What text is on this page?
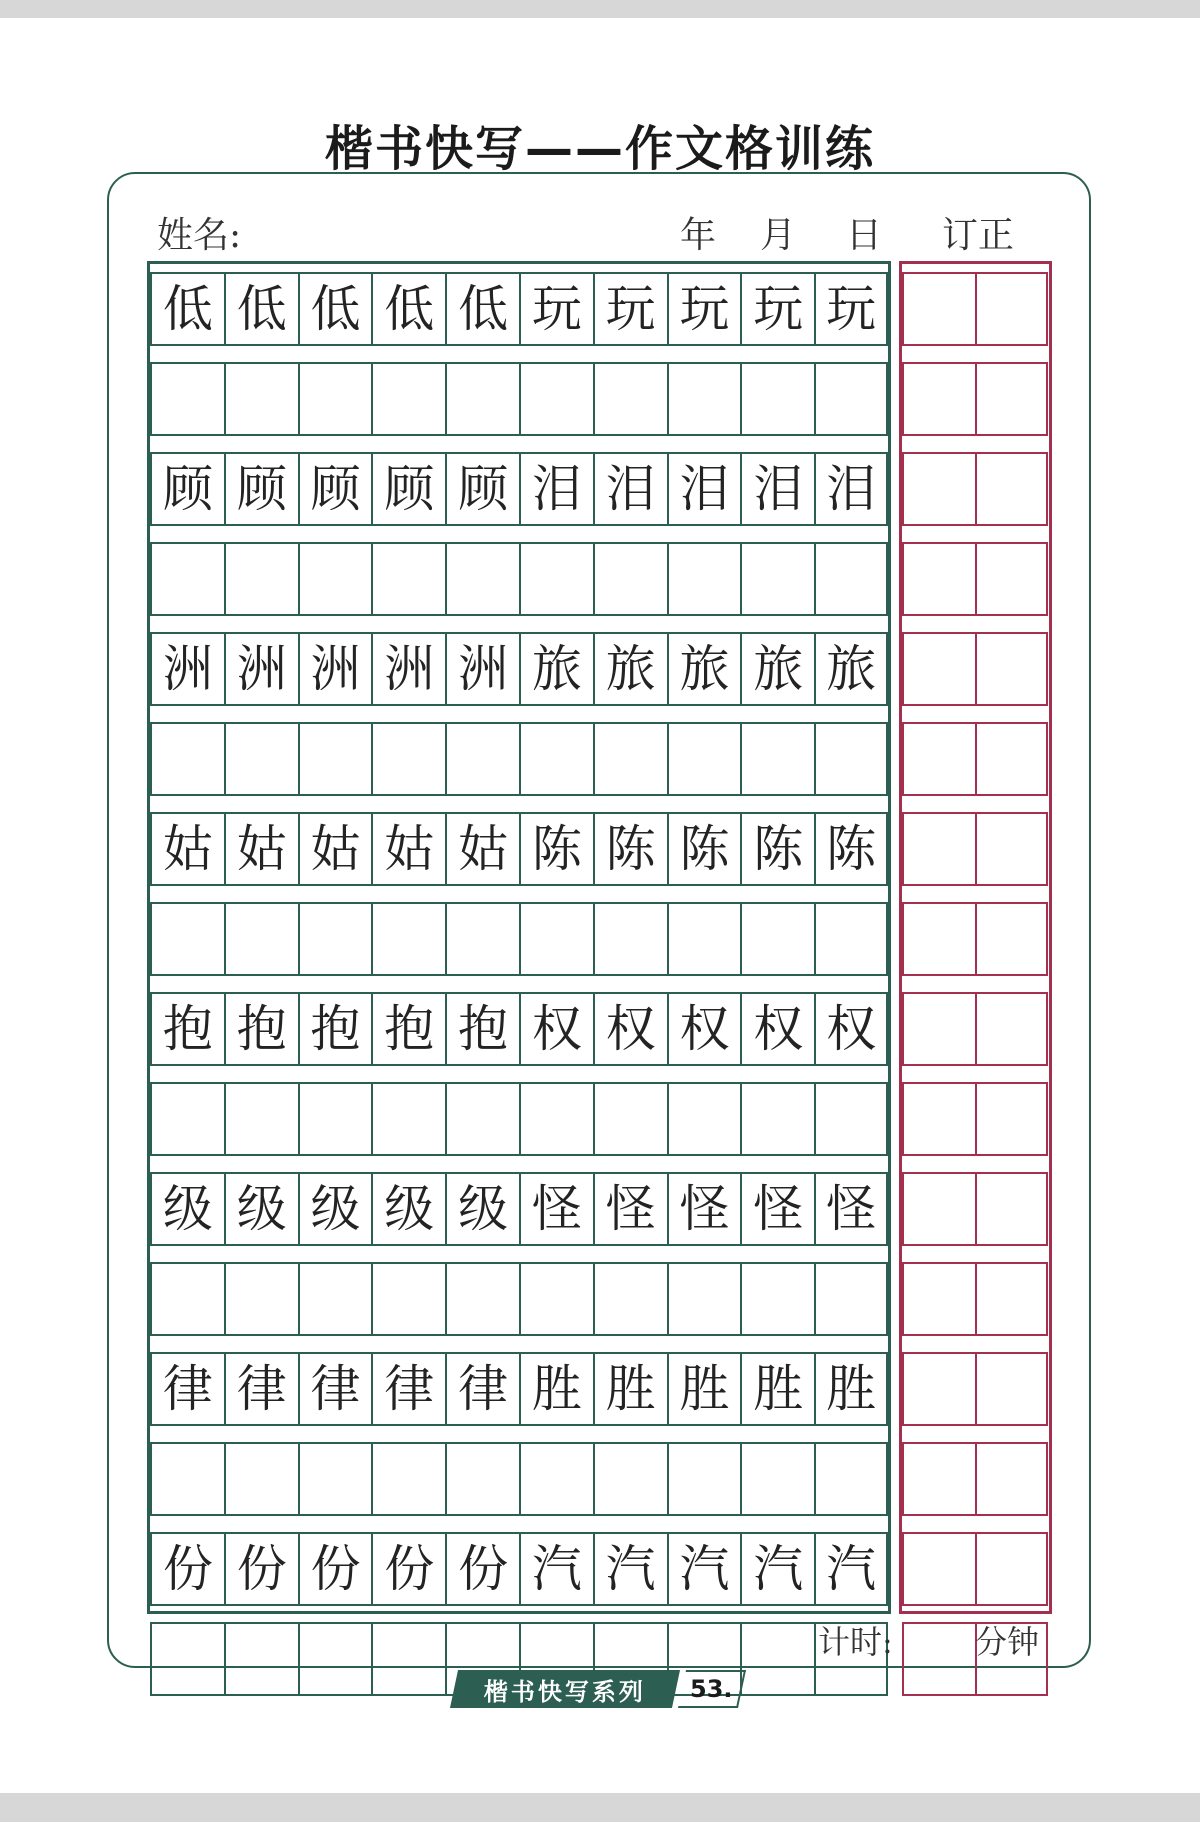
楷书快写——作文格训练
姓名:	年 月 日 订正
低 低 低 低 低 玩 玩 玩 玩 玩
顾 顾 顾 顾 顾 泪 泪 泪 泪 泪
洲 洲 洲 洲 洲 旅 旅 旅 旅 旅
姑 姑 姑 姑 姑 陈 陈 陈 陈 陈
抱 抱 抱 抱 抱 权 权 权 权 权
级 级 级 级 级 怪 怪 怪 怪 怪
律 律 律 律 律 胜 胜 胜 胜 胜
份 份 份 份 份 汽 汽 汽 汽 汽
计时:	分钟
楷书快写系列 53.
